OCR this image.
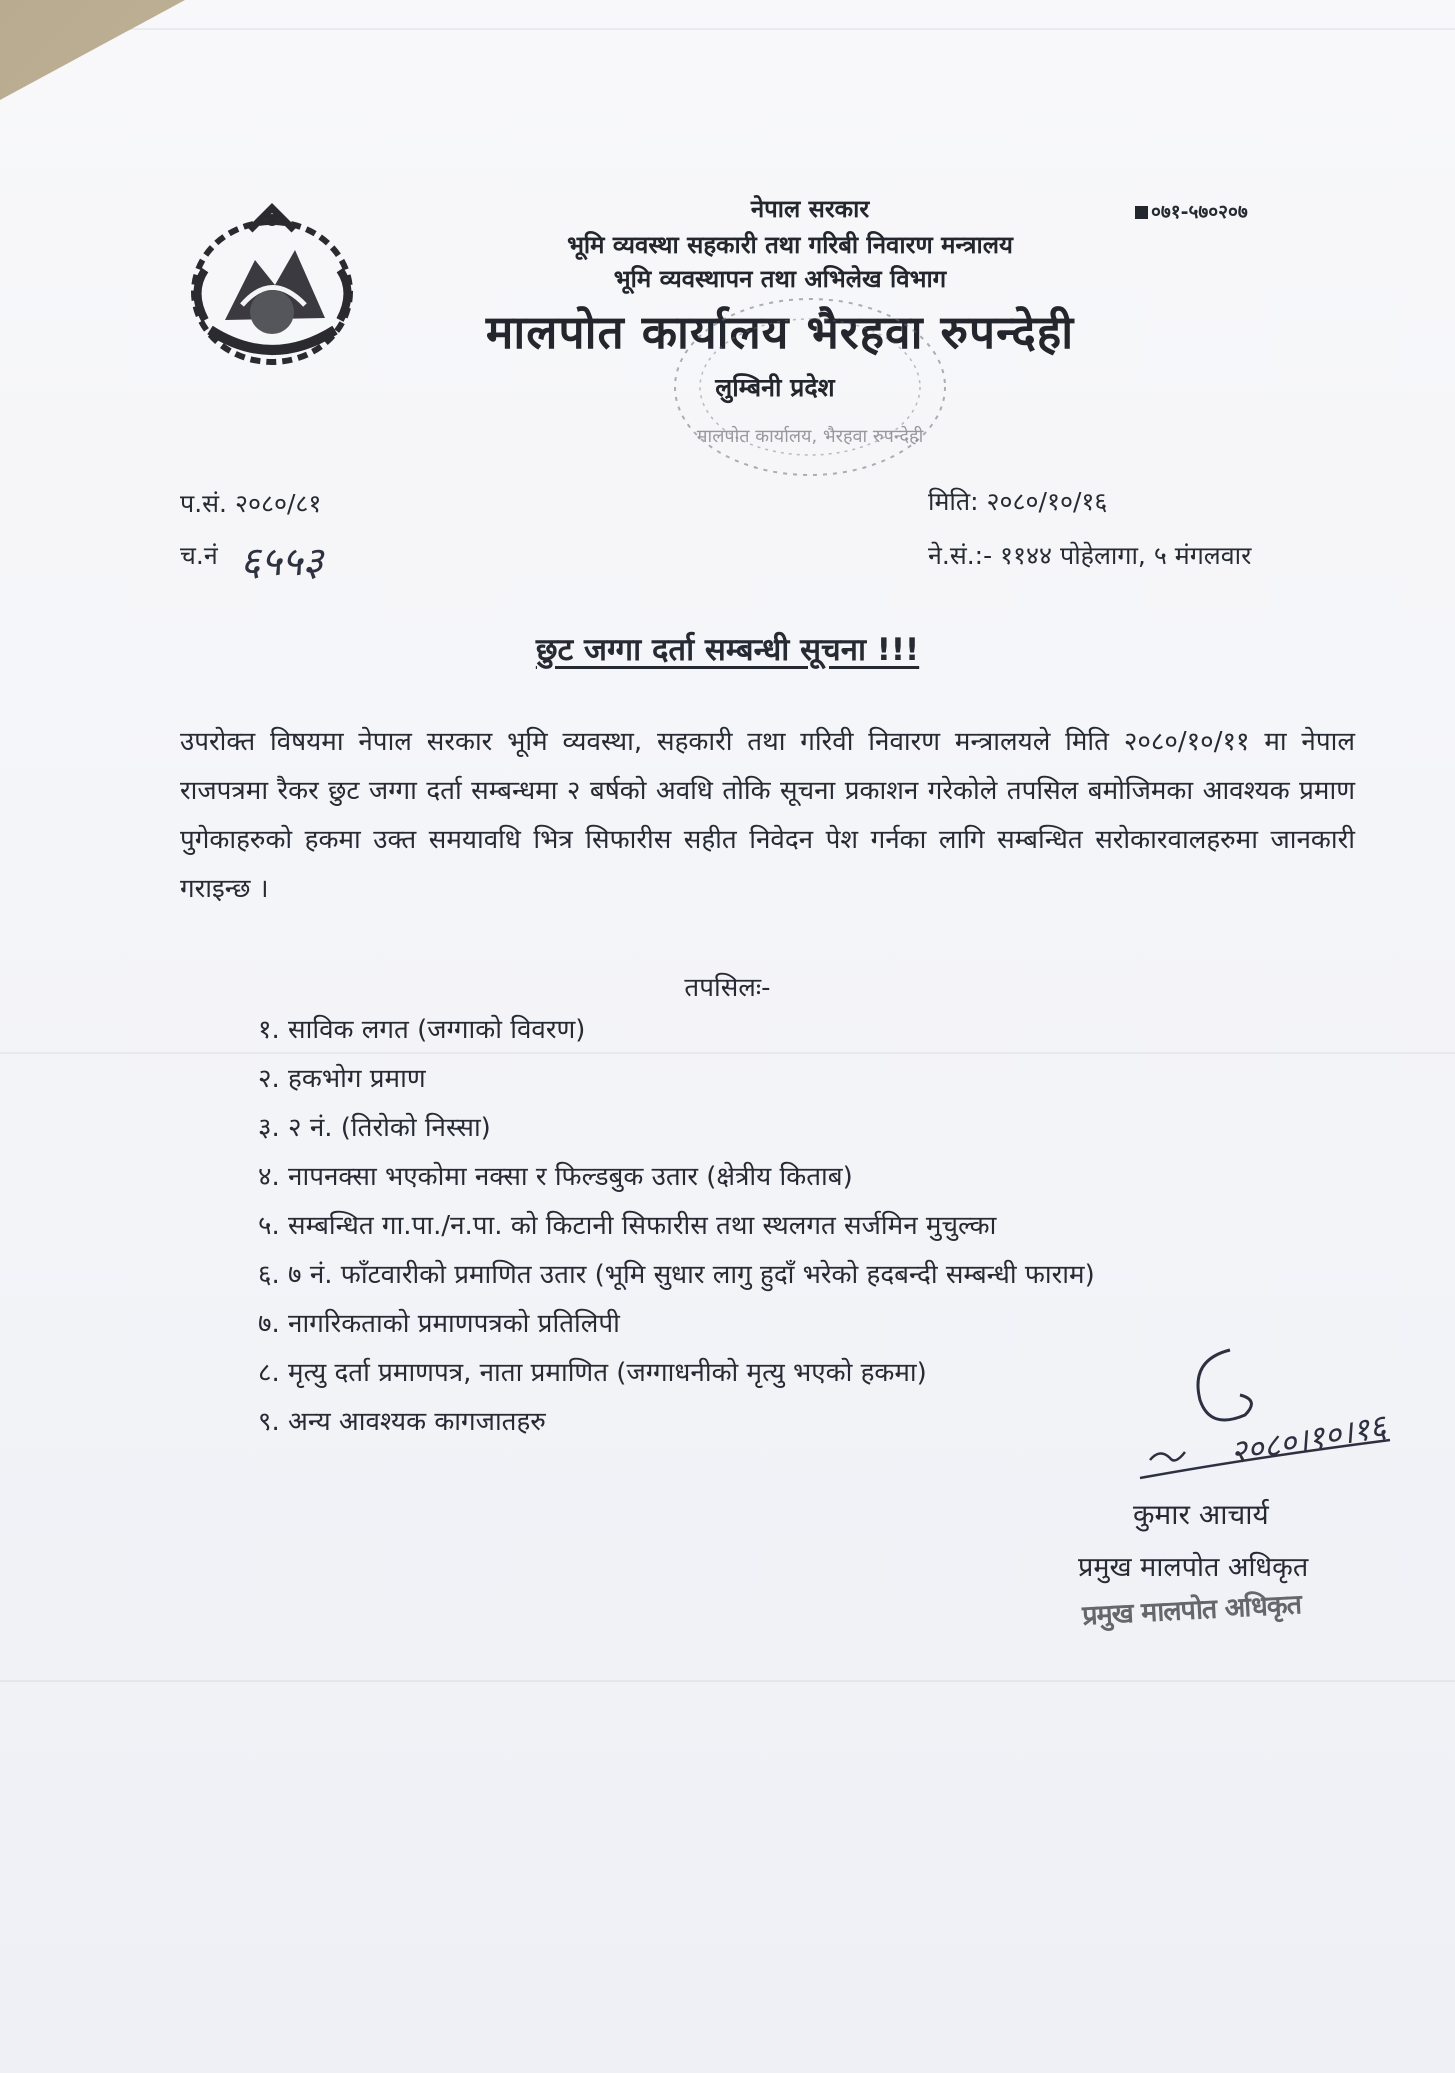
नेपाल सरकार
भूमि व्यवस्था सहकारी तथा गरिबी निवारण मन्त्रालय
भूमि व्यवस्थापन तथा अभिलेख विभाग
मालपोत कार्यालय भैरहवा रुपन्देही
लुम्बिनी प्रदेश
०७१-५७०२०७
मालपोत कार्यालय, भैरहवा रुपन्देही
प.सं. २०८०/८१
च.नं ६५५३
मिति: २०८०/१०/१६
ने.सं.:- ११४४ पोहेलागा, ५ मंगलवार
छुट जग्गा दर्ता सम्बन्धी सूचना !!!
उपरोक्त विषयमा नेपाल सरकार भूमि व्यवस्था, सहकारी तथा गरिवी निवारण मन्त्रालयले मिति २०८०/१०/११ मा नेपाल राजपत्रमा रैकर छुट जग्गा दर्ता सम्बन्धमा २ बर्षको अवधि तोकि सूचना प्रकाशन गरेकोले तपसिल बमोजिमका आवश्यक प्रमाण पुगेकाहरुको हकमा उक्त समयावधि भित्र सिफारीस सहीत निवेदन पेश गर्नका लागि सम्बन्धित सरोकारवालहरुमा जानकारी गराइन्छ ।
तपसिलः-
१. साविक लगत (जग्गाको विवरण)
२. हकभोग प्रमाण
३. २ नं. (तिरोको निस्सा)
४. नापनक्सा भएकोमा नक्सा र फिल्डबुक उतार (क्षेत्रीय किताब)
५. सम्बन्धित गा.पा./न.पा. को किटानी सिफारीस तथा स्थलगत सर्जमिन मुचुल्का
६. ७ नं. फाँटवारीको प्रमाणित उतार (भूमि सुधार लागु हुदाँ भरेको हदबन्दी सम्बन्धी फाराम)
७. नागरिकताको प्रमाणपत्रको प्रतिलिपी
८. मृत्यु दर्ता प्रमाणपत्र, नाता प्रमाणित (जग्गाधनीको मृत्यु भएको हकमा)
९. अन्य आवश्यक कागजातहरु	२०८०।१०।१६
कुमार आचार्य
प्रमुख मालपोत अधिकृत
प्रमुख मालपोत अधिकृत
